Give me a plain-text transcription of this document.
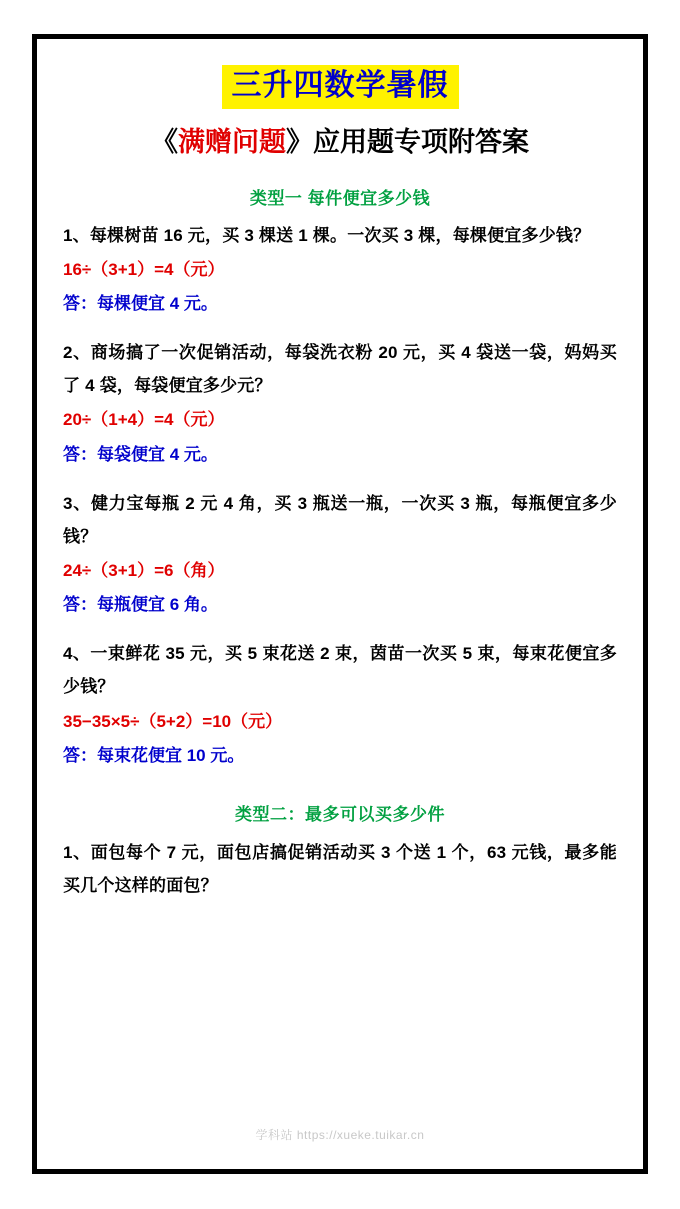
三升四数学暑假
《满赠问题》应用题专项附答案
类型一 每件便宜多少钱

1、每棵树苗 16 元，买 3 棵送 1 棵。一次买 3 棵，每棵便宜多少钱？

16÷（3+1）=4（元）

答：每棵便宜 4 元。

2、商场搞了一次促销活动，每袋洗衣粉 20 元，买 4 袋送一袋，妈妈买了 4 袋，每袋便宜多少元？

20÷（1+4）=4（元）

答：每袋便宜 4 元。

3、健力宝每瓶 2 元 4 角，买 3 瓶送一瓶，一次买 3 瓶，每瓶便宜多少钱？

24÷（3+1）=6（角）

答：每瓶便宜 6 角。

4、一束鲜花 35 元，买 5 束花送 2 束，茵苗一次买 5 束，每束花便宜多少钱？

35−35×5÷（5+2）=10（元）

答：每束花便宜 10 元。

类型二：最多可以买多少件

1、面包每个 7 元，面包店搞促销活动买 3 个送 1 个，63 元钱，最多能买几个这样的面包？

学科站 https://xueke.tuikar.cn
